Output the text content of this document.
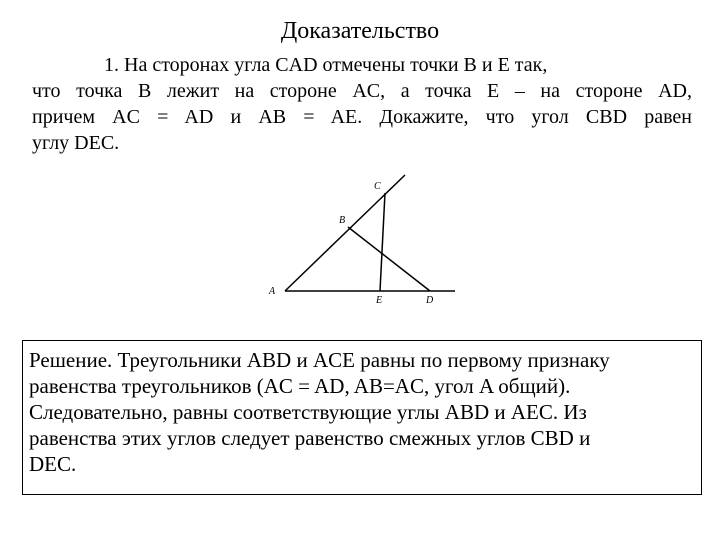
Доказательство
1. На сторонах угла CAD отмечены точки B и E так,
что точка B лежит на стороне AC, а точка E – на стороне AD,
причем AC = AD и AB = AE. Докажите, что угол CBD равен
углу DEC.
C
B
A
E	D
Решение. Треугольники ABD и ACE равны по первому признаку
равенства треугольников (AC = AD, AB=AC, угол A общий).
Следовательно, равны соответствующие углы ABD и AEC. Из
равенства этих углов следует равенство смежных углов CBD и
DEC.
